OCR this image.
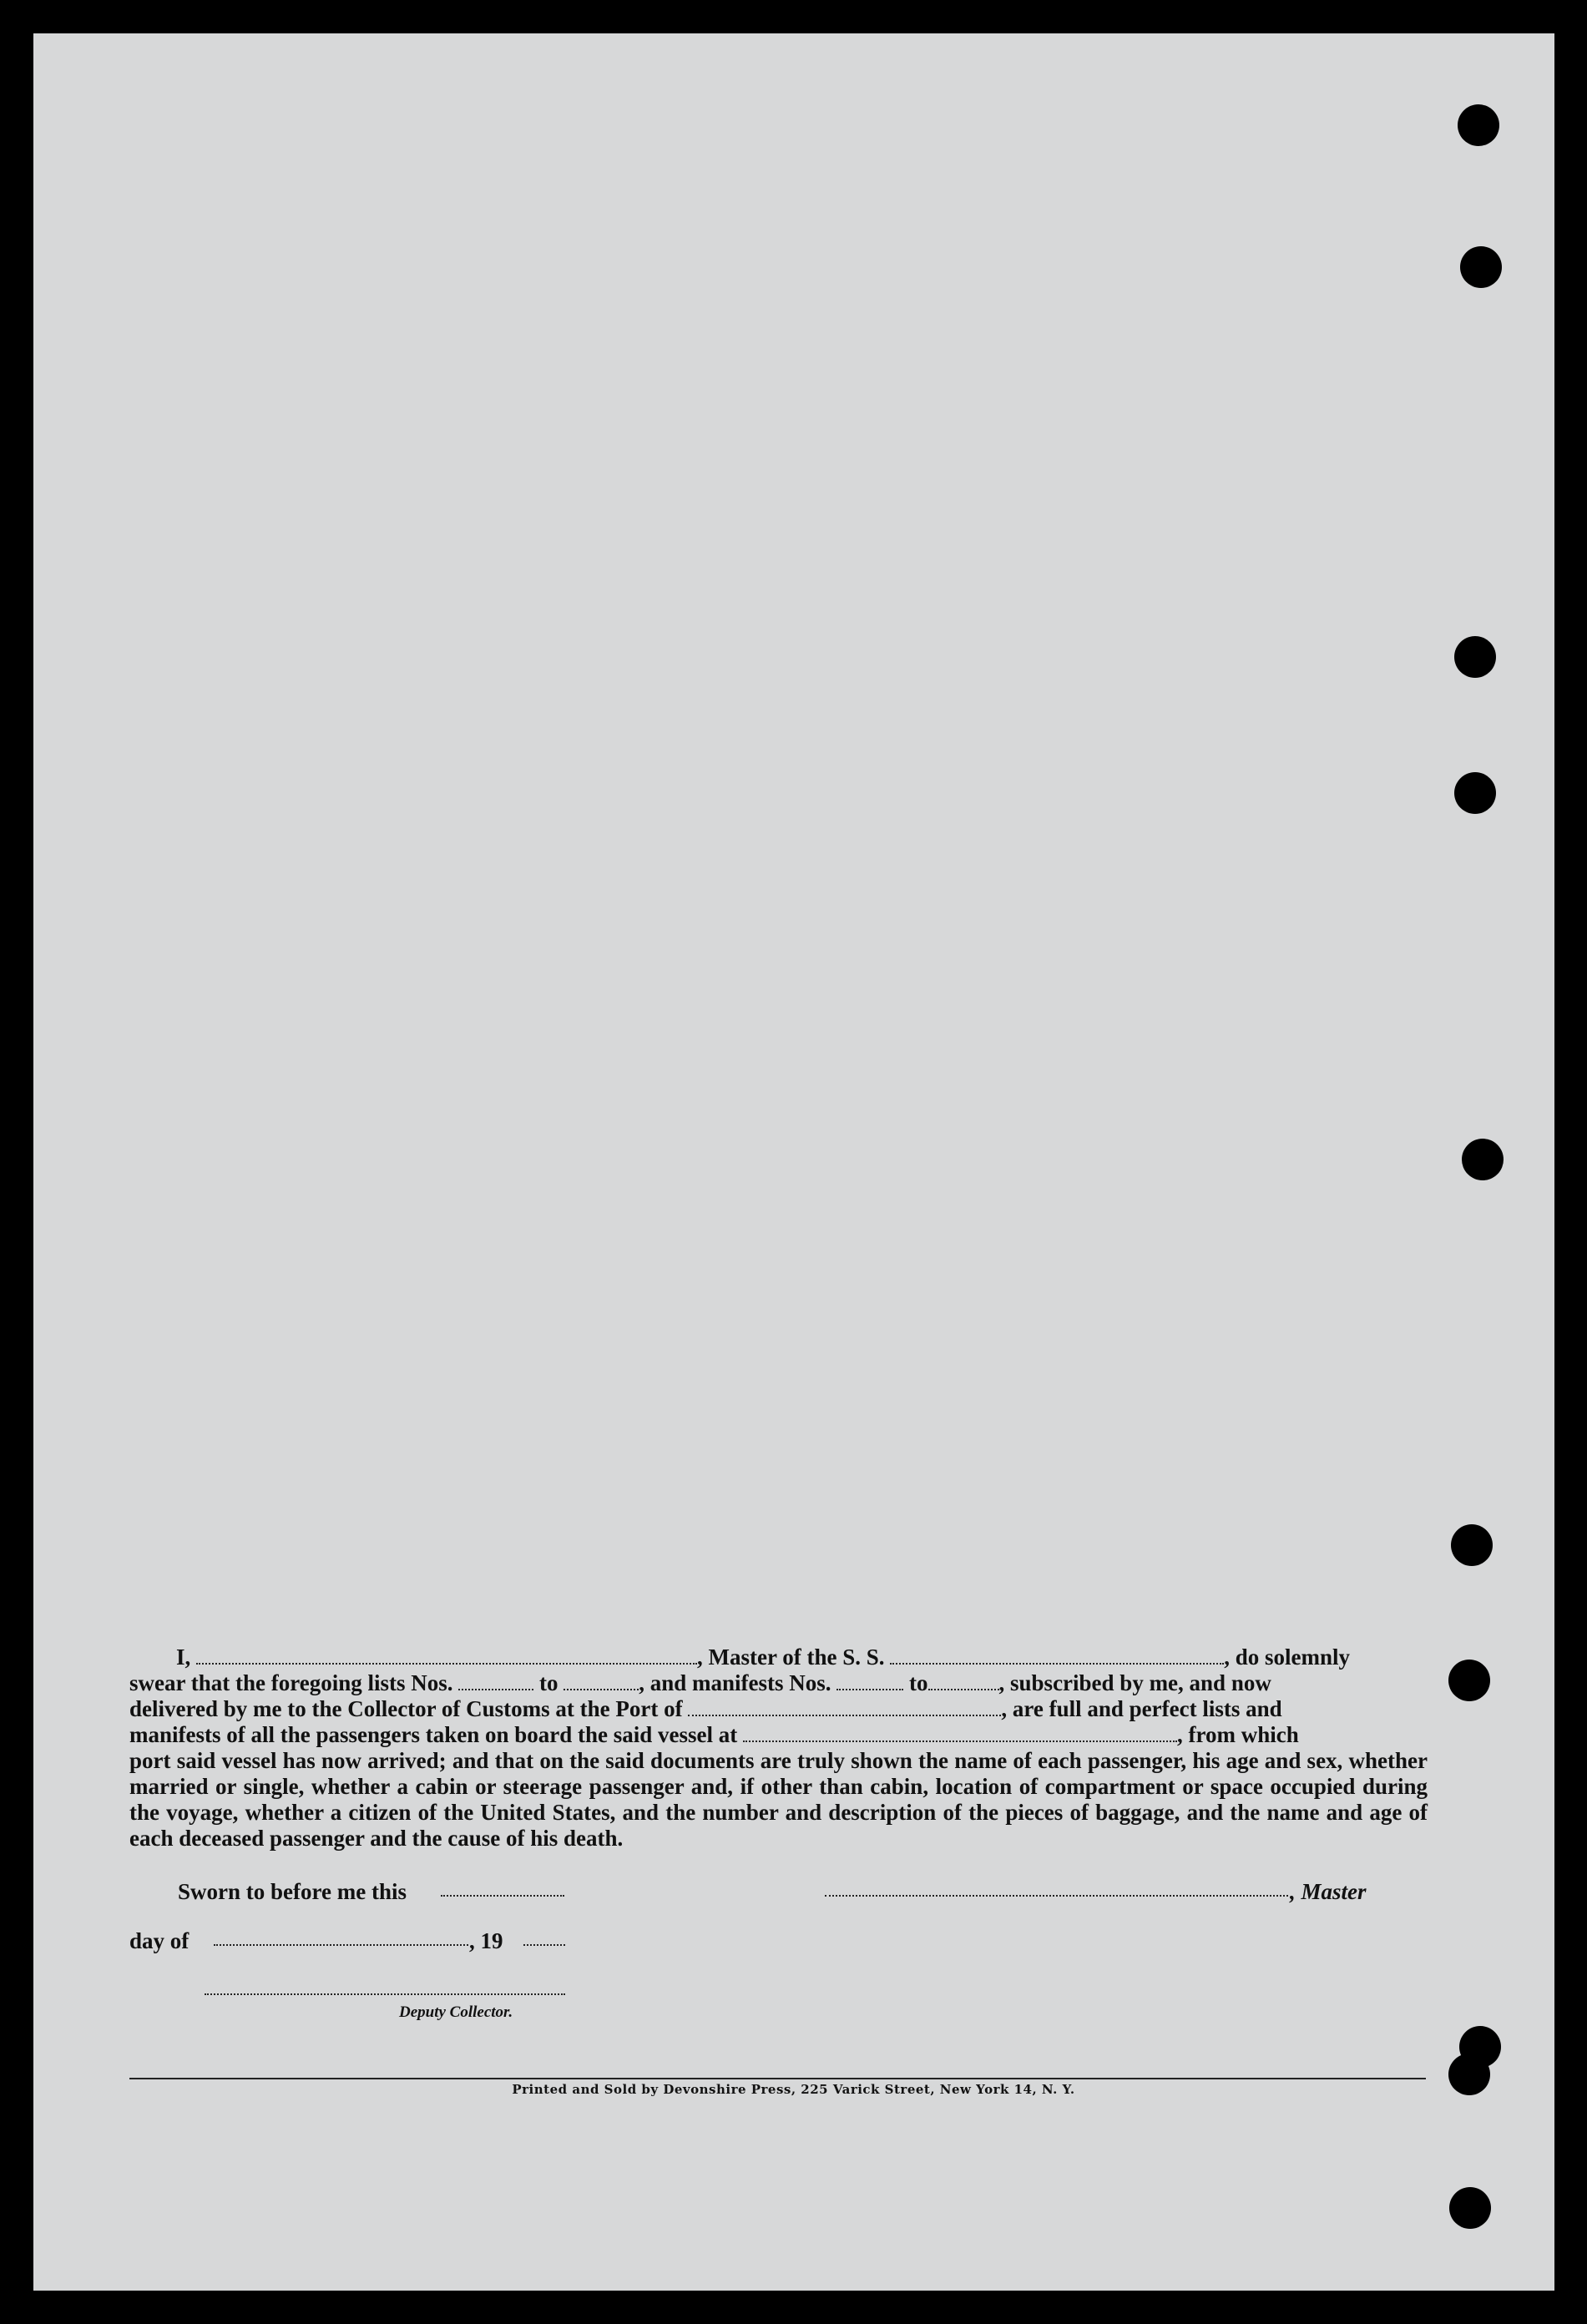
I,	, Master of the S. S.	, do solemnly

swear that the foregoing lists Nos.	to	, and manifests Nos.	to	, subscribed by me, and now
delivered by me to the Collector of Customs at the Port of	, are full and perfect lists and
manifests of all the passengers taken on board the said vessel at	, from which
port said vessel has now arrived; and that on the said documents are truly shown the name of each passenger, his age and sex, whether married or single, whether a cabin or steerage passenger and, if other than cabin, location of compartment or space occupied during the voyage, whether a citizen of the United States, and the number and description of the pieces of baggage, and the name and age of each deceased passenger and the cause of his death.
Sworn to before me this	, Master
day of	, 19
Deputy Collector.
Printed and Sold by Devonshire Press, 225 Varick Street, New York 14, N. Y.
